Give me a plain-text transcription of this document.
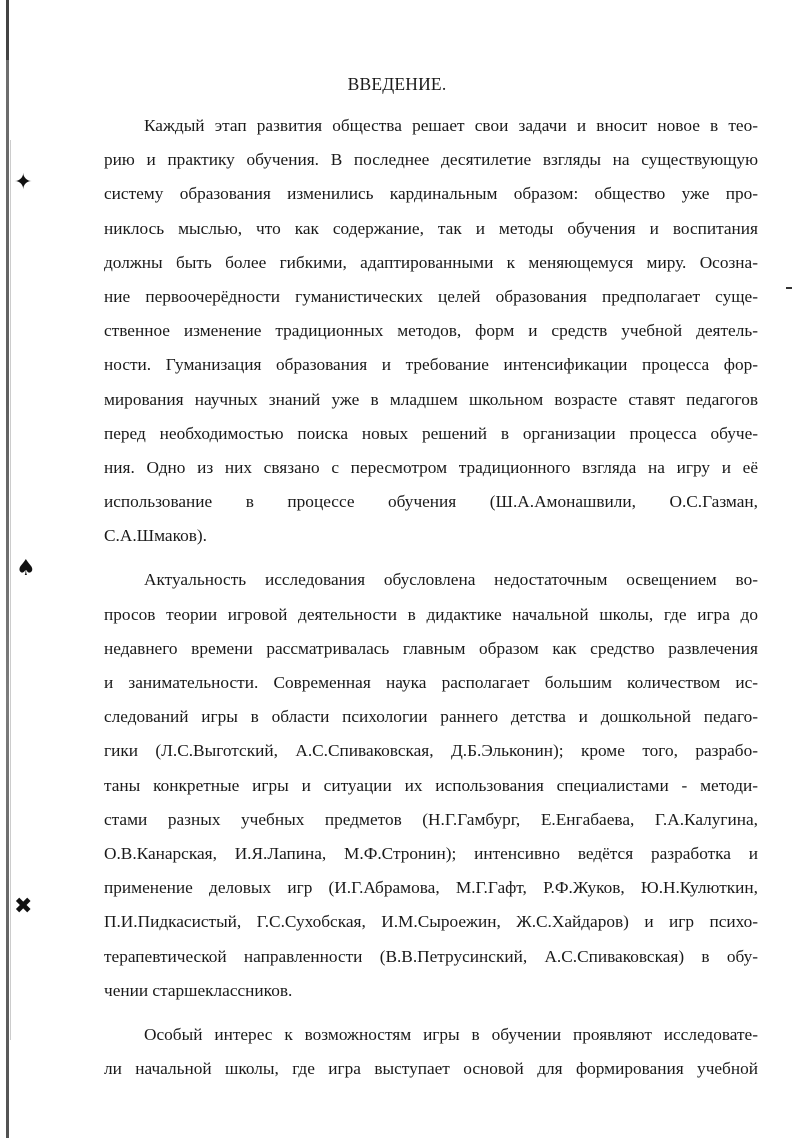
✦
♠
✖
ВВЕДЕНИЕ.
Каждый этап развития общества решает свои задачи и вносит новое в тео-
рию и практику обучения. В последнее десятилетие взгляды на существующую
систему образования изменились кардинальным образом: общество уже про-
никлось мыслью, что как содержание, так и методы обучения и воспитания
должны быть более гибкими, адаптированными к меняющемуся миру. Осозна-
ние первоочерёдности гуманистических целей образования предполагает суще-
ственное изменение традиционных методов, форм и средств учебной деятель-
ности. Гуманизация образования и требование интенсификации процесса фор-
мирования научных знаний уже в младшем школьном возрасте ставят педагогов
перед необходимостью поиска новых решений в организации процесса обуче-
ния. Одно из них связано с пересмотром традиционного взгляда на игру и её
использование в процессе обучения (Ш.А.Амонашвили, О.С.Газман,
С.А.Шмаков).
Актуальность исследования обусловлена недостаточным освещением во-
просов теории игровой деятельности в дидактике начальной школы, где игра до
недавнего времени рассматривалась главным образом как средство развлечения
и занимательности. Современная наука располагает большим количеством ис-
следований игры в области психологии раннего детства и дошкольной педаго-
гики (Л.С.Выготский, А.С.Спиваковская, Д.Б.Эльконин); кроме того, разрабо-
таны конкретные игры и ситуации их использования специалистами - методи-
стами разных учебных предметов (Н.Г.Гамбург, Е.Енгабаева, Г.А.Калугина,
О.В.Канарская, И.Я.Лапина, М.Ф.Стронин); интенсивно ведётся разработка и
применение деловых игр (И.Г.Абрамова, М.Г.Гафт, Р.Ф.Жуков, Ю.Н.Кулюткин,
П.И.Пидкасистый, Г.С.Сухобская, И.М.Сыроежин, Ж.С.Хайдаров) и игр психо-
терапевтической направленности (В.В.Петрусинский, А.С.Спиваковская) в обу-
чении старшеклассников.
Особый интерес к возможностям игры в обучении проявляют исследовате-
ли начальной школы, где игра выступает основой для формирования учебной
